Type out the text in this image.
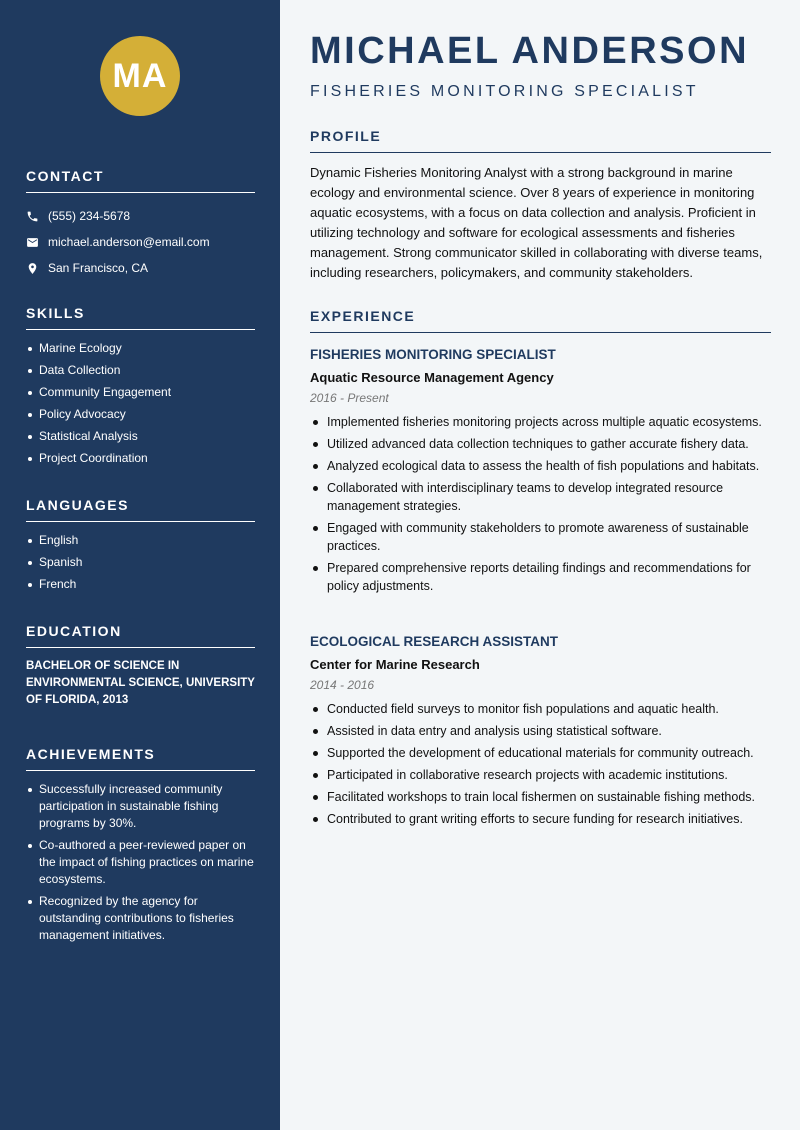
MA
CONTACT
(555) 234-5678
michael.anderson@email.com
San Francisco, CA
SKILLS
Marine Ecology
Data Collection
Community Engagement
Policy Advocacy
Statistical Analysis
Project Coordination
LANGUAGES
English
Spanish
French
EDUCATION

BACHELOR OF SCIENCE IN ENVIRONMENTAL SCIENCE, UNIVERSITY OF FLORIDA, 2013

ACHIEVEMENTS
Successfully increased community participation in sustainable fishing programs by 30%.
Co-authored a peer-reviewed paper on the impact of fishing practices on marine ecosystems.
Recognized by the agency for outstanding contributions to fisheries management initiatives.
MICHAEL ANDERSON
FISHERIES MONITORING SPECIALIST
PROFILE

Dynamic Fisheries Monitoring Analyst with a strong background in marine ecology and environmental science. Over 8 years of experience in monitoring aquatic ecosystems, with a focus on data collection and analysis. Proficient in utilizing technology and software for ecological assessments and fisheries management. Strong communicator skilled in collaborating with diverse teams, including researchers, policymakers, and community stakeholders.

EXPERIENCE
FISHERIES MONITORING SPECIALIST
Aquatic Resource Management Agency
2016 - Present
Implemented fisheries monitoring projects across multiple aquatic ecosystems.
Utilized advanced data collection techniques to gather accurate fishery data.
Analyzed ecological data to assess the health of fish populations and habitats.
Collaborated with interdisciplinary teams to develop integrated resource management strategies.
Engaged with community stakeholders to promote awareness of sustainable practices.
Prepared comprehensive reports detailing findings and recommendations for policy adjustments.
ECOLOGICAL RESEARCH ASSISTANT
Center for Marine Research
2014 - 2016
Conducted field surveys to monitor fish populations and aquatic health.
Assisted in data entry and analysis using statistical software.
Supported the development of educational materials for community outreach.
Participated in collaborative research projects with academic institutions.
Facilitated workshops to train local fishermen on sustainable fishing methods.
Contributed to grant writing efforts to secure funding for research initiatives.
